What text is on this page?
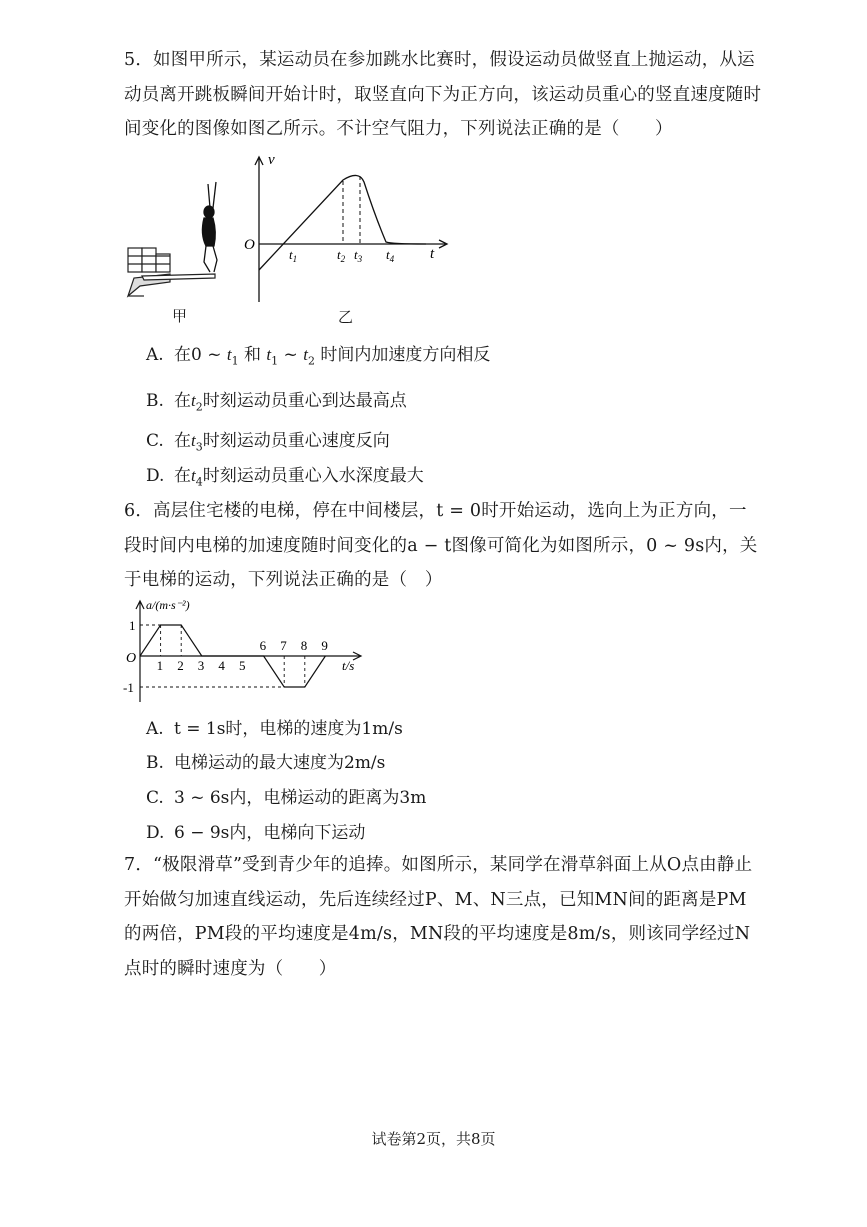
5．如图甲所示，某运动员在参加跳水比赛时，假设运动员做竖直上抛运动，从运动员离开跳板瞬间开始计时，取竖直向下为正方向，该运动员重心的竖直速度随时间变化的图像如图乙所示。不计空气阻力，下列说法正确的是（　　）
甲
v
O
t
$t_1$	$t_2$ $t_3$ $t_4$
乙
A. 在0 ~ $t_1$ 和 $t_1$ ~ $t_2$ 时间内加速度方向相反
B. 在$t_2$时刻运动员重心到达最高点
C. 在$t_3$时刻运动员重心速度反向
D. 在$t_4$时刻运动员重心入水深度最大
6．高层住宅楼的电梯，停在中间楼层，t = 0时开始运动，选向上为正方向，一段时间内电梯的加速度随时间变化的a − t图像可简化为如图所示，0 ~ 9s内，关于电梯的运动，下列说法正确的是（　）
1 2 3 4 5
6 7 8 9
1
-1
a/(m·s⁻²)
O	t/s
A. t = 1s时，电梯的速度为1m/s
B. 电梯运动的最大速度为2m/s
C. 3 ~ 6s内，电梯运动的距离为3m
D. 6 − 9s内，电梯向下运动
7．“极限滑草”受到青少年的追捧。如图所示，某同学在滑草斜面上从O点由静止开始做匀加速直线运动，先后连续经过P、M、N三点，已知MN间的距离是PM的两倍，PM段的平均速度是4m/s，MN段的平均速度是8m/s，则该同学经过N点时的瞬时速度为（　　）
试卷第2页，共8页
